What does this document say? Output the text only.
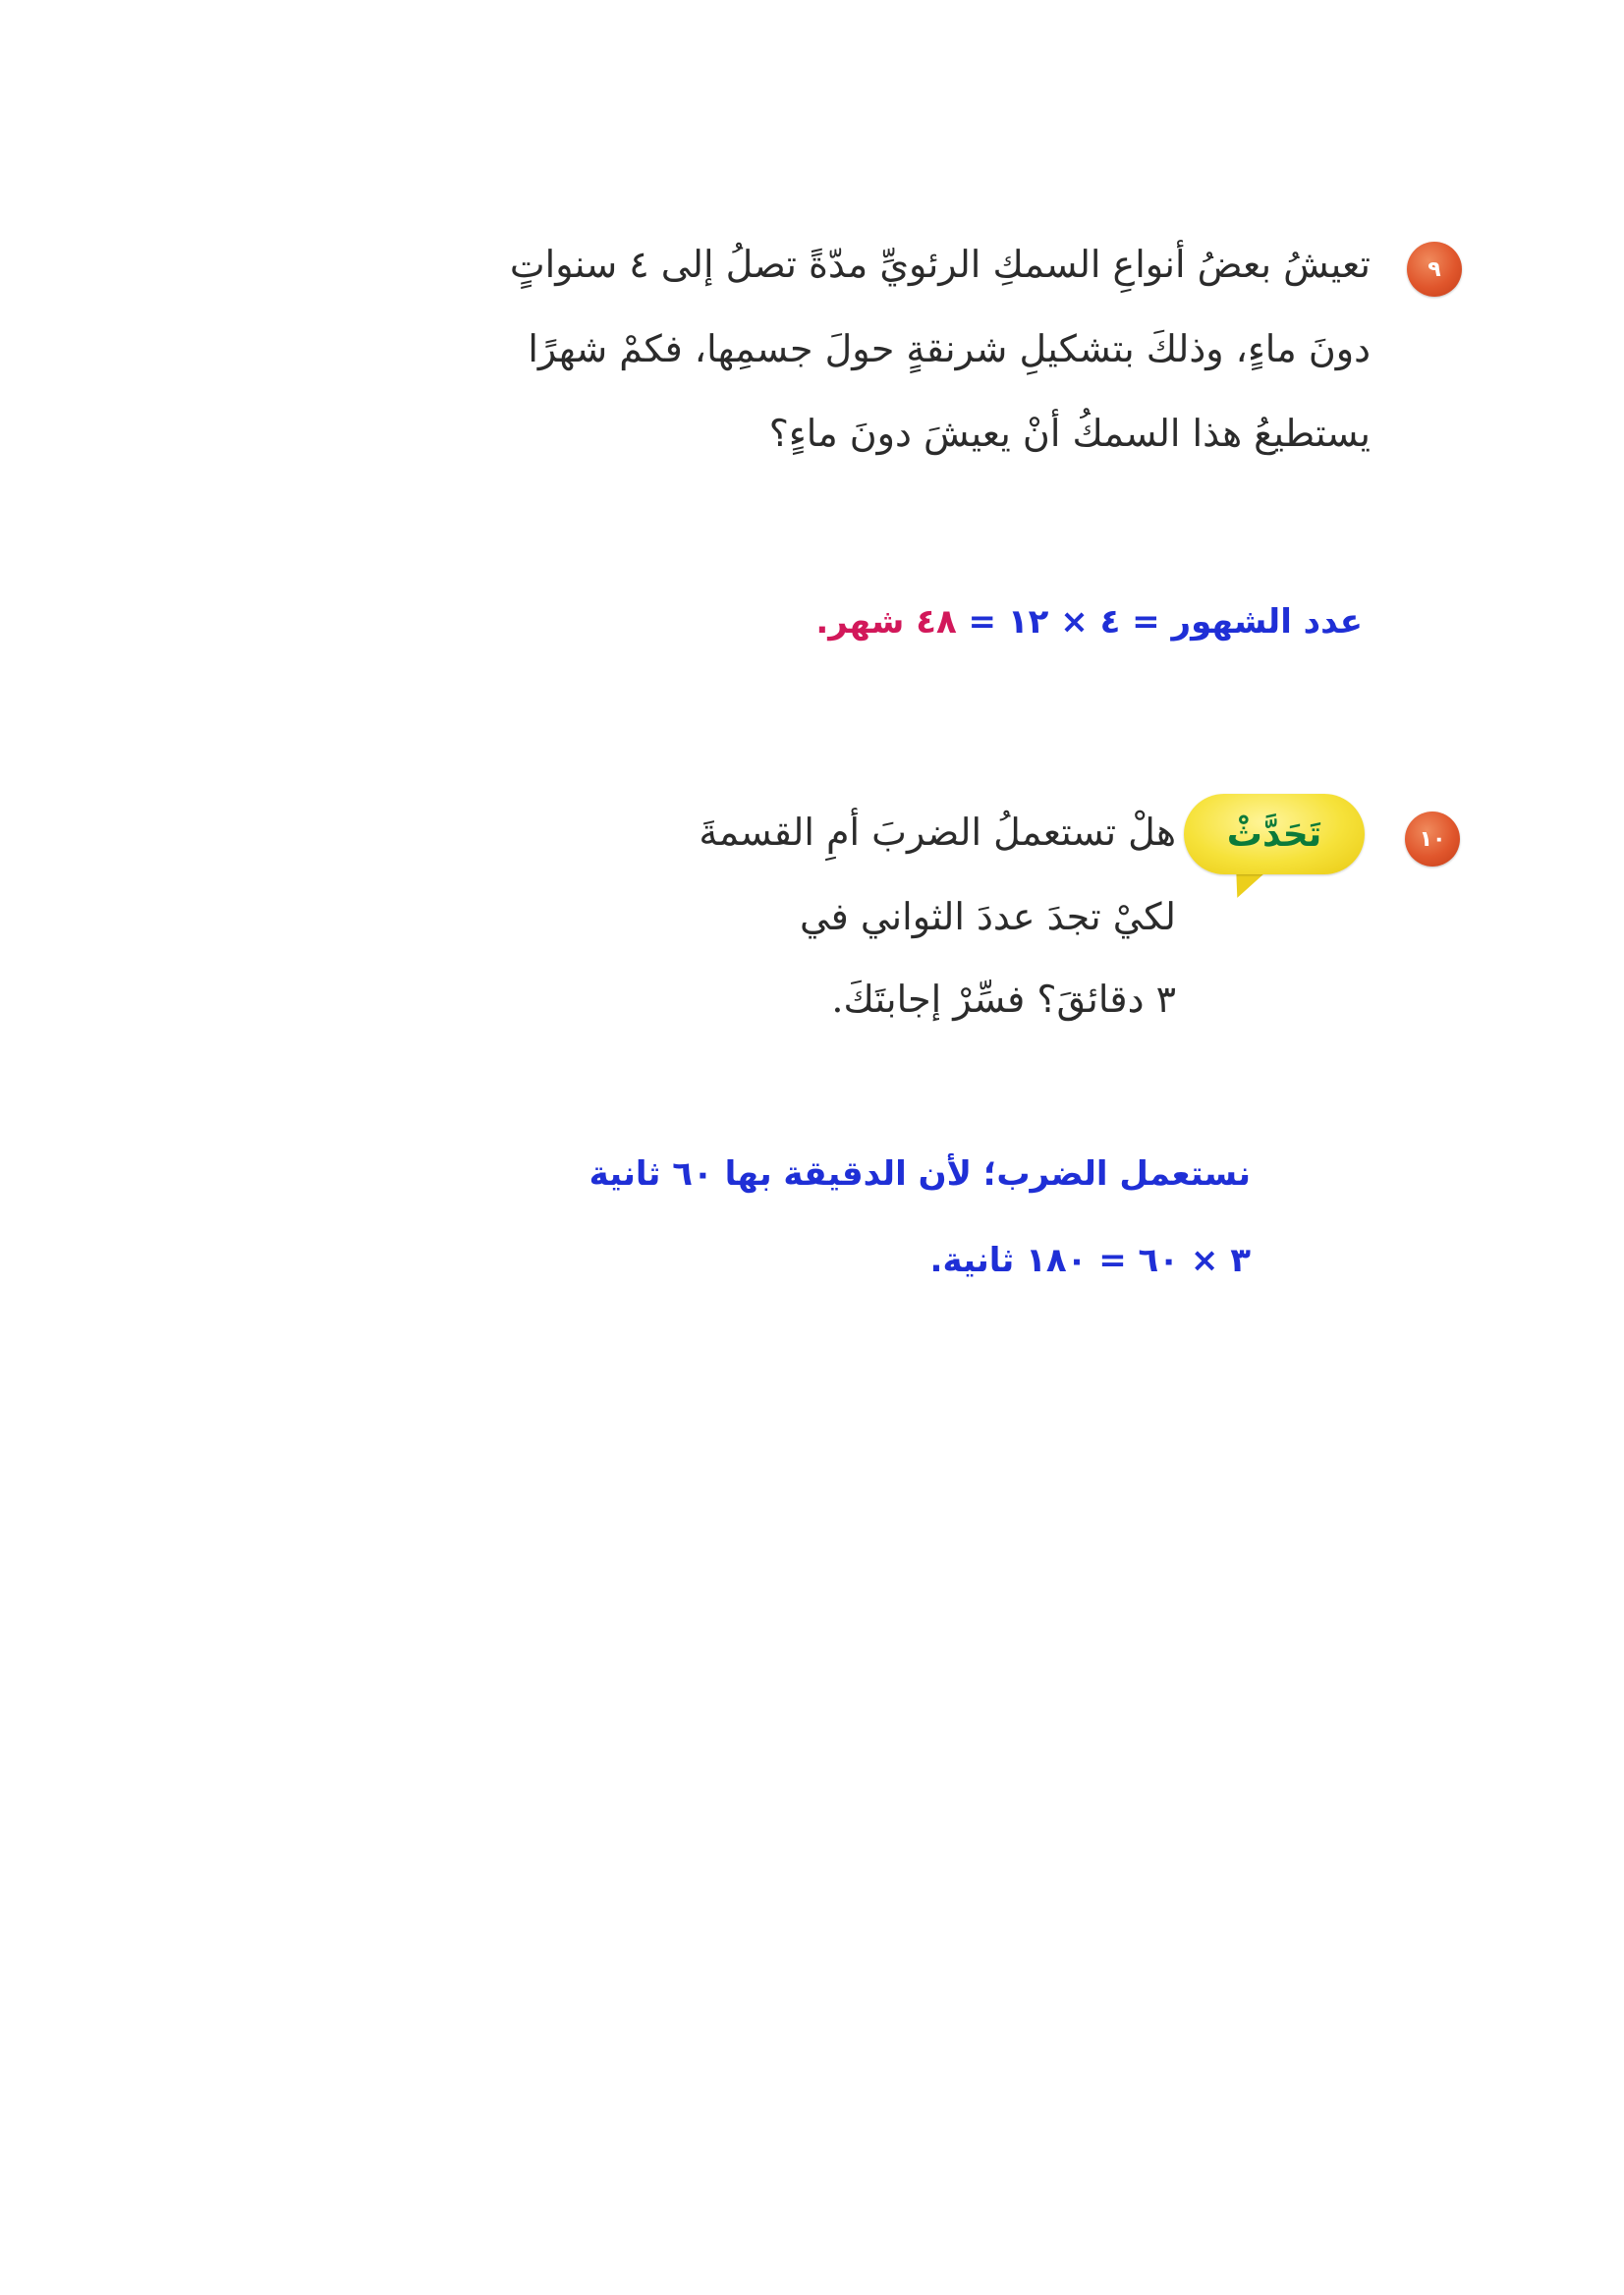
٩
تعيشُ بعضُ أنواعِ السمكِ الرئويِّ مدّةً تصلُ إلى ٤ سنواتٍ
دونَ ماءٍ، وذلكَ بتشكيلِ شرنقةٍ حولَ جسمِها، فكمْ شهرًا
يستطيعُ هذا السمكُ أنْ يعيشَ دونَ ماءٍ؟
عدد الشهور = ٤ × ١٢ = ٤٨ شهر.
١٠
تَحَدَّثْ
هلْ تستعملُ الضربَ أمِ القسمةَ
لكيْ تجدَ عددَ الثواني في
٣ دقائقَ؟ فسِّرْ إجابتَكَ.
نستعمل الضرب؛ لأن الدقيقة بها ٦٠ ثانية
٣ × ٦٠ = ١٨٠ ثانية.
